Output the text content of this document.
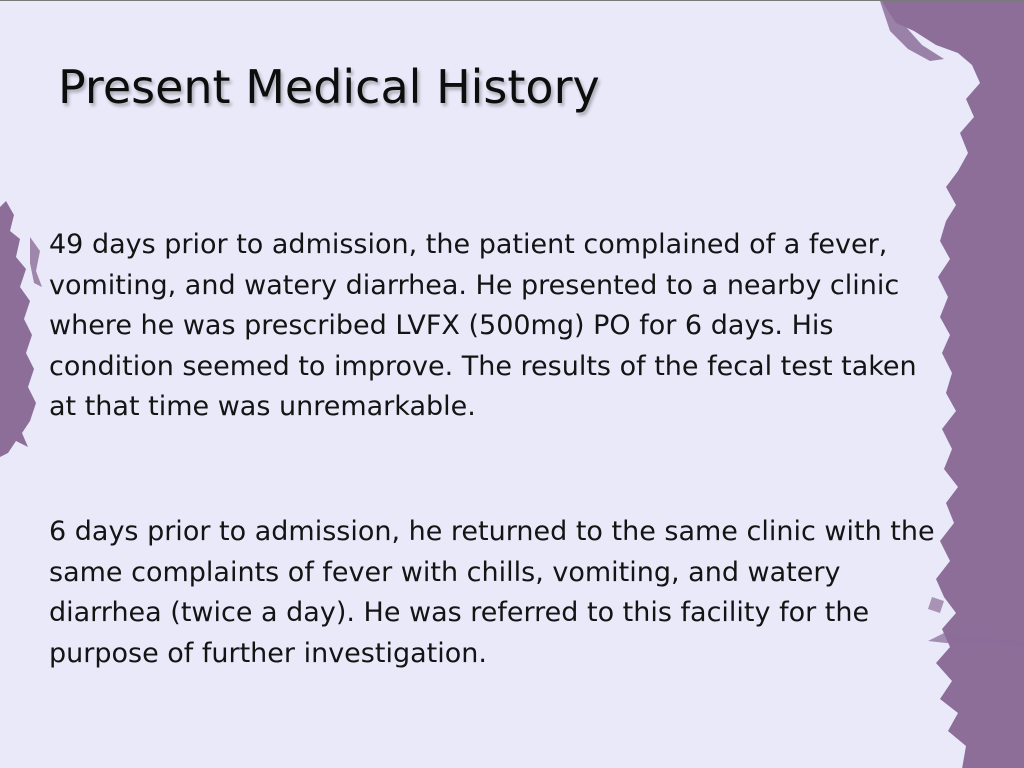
Present Medical History

49 days prior to admission, the patient complained of a fever, vomiting, and watery diarrhea. He presented to a nearby clinic where he was prescribed LVFX (500mg) PO for 6 days. His condition seemed to improve. The results of the fecal test taken at that time was unremarkable.

6 days prior to admission, he returned to the same clinic with the same complaints of fever with chills, vomiting, and watery diarrhea (twice a day). He was referred to this facility for the purpose of further investigation.
